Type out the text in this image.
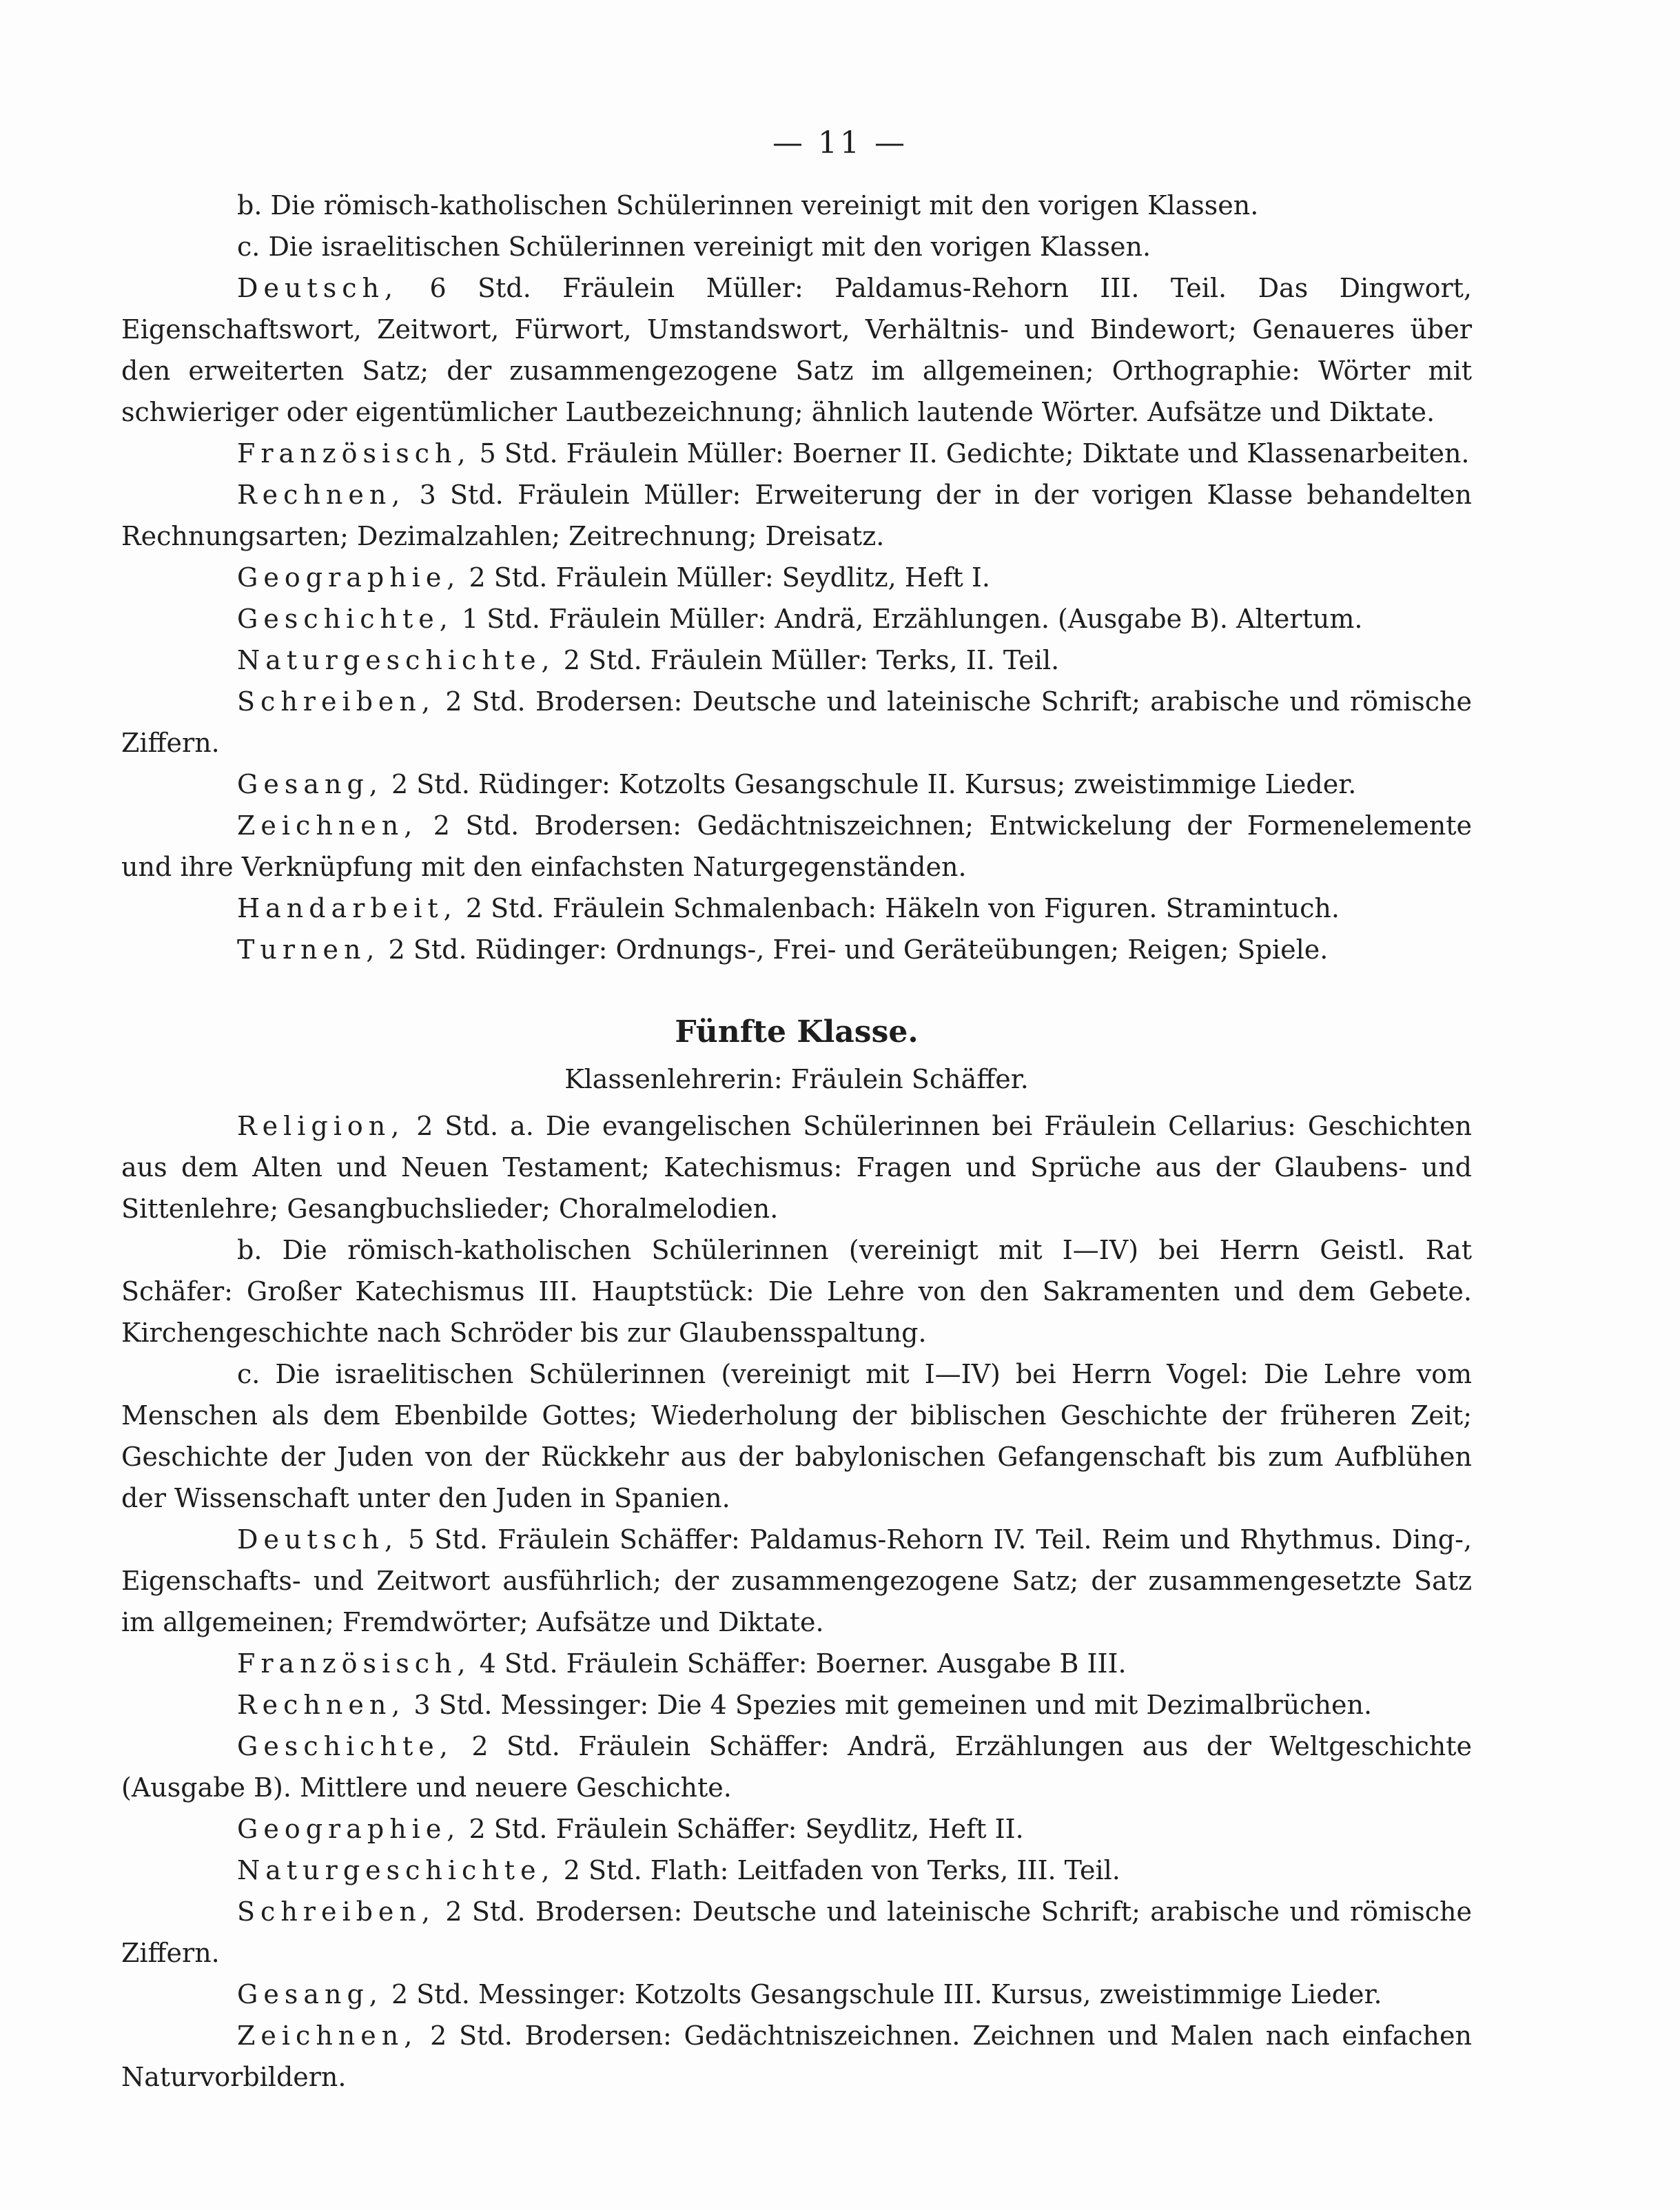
— 11 —

b. Die römisch-katholischen Schülerinnen vereinigt mit den vorigen Klassen.

c. Die israelitischen Schülerinnen vereinigt mit den vorigen Klassen.

Deutsch, 6 Std. Fräulein Müller: Paldamus-Rehorn III. Teil. Das Dingwort, Eigenschaftswort, Zeitwort, Fürwort, Umstandswort, Verhältnis- und Bindewort; Genaueres über den erweiterten Satz; der zusammengezogene Satz im allgemeinen; Orthographie: Wörter mit schwieriger oder eigentümlicher Lautbezeichnung; ähnlich lautende Wörter. Aufsätze und Diktate.

Französisch, 5 Std. Fräulein Müller: Boerner II. Gedichte; Diktate und Klassenarbeiten.

Rechnen, 3 Std. Fräulein Müller: Erweiterung der in der vorigen Klasse behandelten Rechnungsarten; Dezimalzahlen; Zeitrechnung; Dreisatz.

Geographie, 2 Std. Fräulein Müller: Seydlitz, Heft I.

Geschichte, 1 Std. Fräulein Müller: Andrä, Erzählungen. (Ausgabe B). Altertum.

Naturgeschichte, 2 Std. Fräulein Müller: Terks, II. Teil.

Schreiben, 2 Std. Brodersen: Deutsche und lateinische Schrift; arabische und römische Ziffern.

Gesang, 2 Std. Rüdinger: Kotzolts Gesangschule II. Kursus; zweistimmige Lieder.

Zeichnen, 2 Std. Brodersen: Gedächtniszeichnen; Entwickelung der Formenelemente und ihre Verknüpfung mit den einfachsten Naturgegenständen.

Handarbeit, 2 Std. Fräulein Schmalenbach: Häkeln von Figuren. Stramintuch.

Turnen, 2 Std. Rüdinger: Ordnungs-, Frei- und Geräteübungen; Reigen; Spiele.

Fünfte Klasse.
Klassenlehrerin: Fräulein Schäffer.

Religion, 2 Std. a. Die evangelischen Schülerinnen bei Fräulein Cellarius: Geschichten aus dem Alten und Neuen Testament; Katechismus: Fragen und Sprüche aus der Glaubens- und Sittenlehre; Gesangbuchslieder; Choralmelodien.

b. Die römisch-katholischen Schülerinnen (vereinigt mit I—IV) bei Herrn Geistl. Rat Schäfer: Großer Katechismus III. Hauptstück: Die Lehre von den Sakramenten und dem Gebete. Kirchengeschichte nach Schröder bis zur Glaubensspaltung.

c. Die israelitischen Schülerinnen (vereinigt mit I—IV) bei Herrn Vogel: Die Lehre vom Menschen als dem Ebenbilde Gottes; Wiederholung der biblischen Geschichte der früheren Zeit; Geschichte der Juden von der Rückkehr aus der babylonischen Gefangenschaft bis zum Aufblühen der Wissenschaft unter den Juden in Spanien.

Deutsch, 5 Std. Fräulein Schäffer: Paldamus-Rehorn IV. Teil. Reim und Rhythmus. Ding-, Eigenschafts- und Zeitwort ausführlich; der zusammengezogene Satz; der zusammengesetzte Satz im allgemeinen; Fremdwörter; Aufsätze und Diktate.

Französisch, 4 Std. Fräulein Schäffer: Boerner. Ausgabe B III.

Rechnen, 3 Std. Messinger: Die 4 Spezies mit gemeinen und mit Dezimalbrüchen.

Geschichte, 2 Std. Fräulein Schäffer: Andrä, Erzählungen aus der Weltgeschichte (Ausgabe B). Mittlere und neuere Geschichte.

Geographie, 2 Std. Fräulein Schäffer: Seydlitz, Heft II.

Naturgeschichte, 2 Std. Flath: Leitfaden von Terks, III. Teil.

Schreiben, 2 Std. Brodersen: Deutsche und lateinische Schrift; arabische und römische Ziffern.

Gesang, 2 Std. Messinger: Kotzolts Gesangschule III. Kursus, zweistimmige Lieder.

Zeichnen, 2 Std. Brodersen: Gedächtniszeichnen. Zeichnen und Malen nach einfachen Naturvorbildern.
